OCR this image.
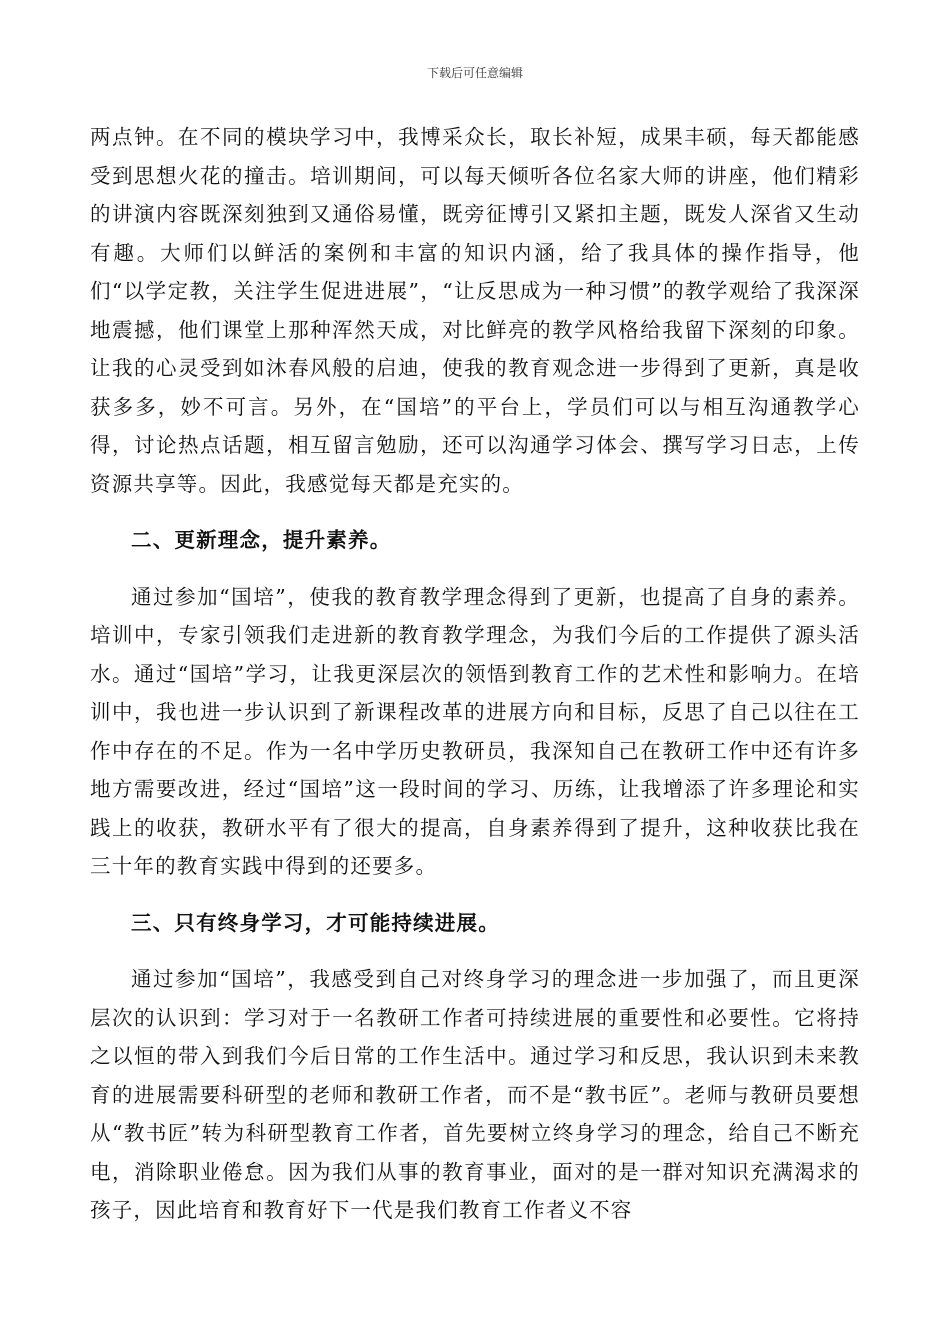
下载后可任意编辑

两点钟。在不同的模块学习中，我博采众长，取长补短，成果丰硕，每天都能感受到思想火花的撞击。培训期间，可以每天倾听各位名家大师的讲座，他们精彩的讲演内容既深刻独到又通俗易懂，既旁征博引又紧扣主题，既发人深省又生动有趣。大师们以鲜活的案例和丰富的知识内涵，给了我具体的操作指导，他们“以学定教，关注学生促进进展”，“让反思成为一种习惯”的教学观给了我深深地震撼，他们课堂上那种浑然天成，对比鲜亮的教学风格给我留下深刻的印象。让我的心灵受到如沐春风般的启迪，使我的教育观念进一步得到了更新，真是收获多多，妙不可言。另外，在“国培”的平台上，学员们可以与相互沟通教学心得，讨论热点话题，相互留言勉励，还可以沟通学习体会、撰写学习日志，上传资源共享等。因此，我感觉每天都是充实的。

二、更新理念，提升素养。

通过参加“国培”，使我的教育教学理念得到了更新，也提高了自身的素养。培训中，专家引领我们走进新的教育教学理念，为我们今后的工作提供了源头活水。通过“国培”学习，让我更深层次的领悟到教育工作的艺术性和影响力。在培训中，我也进一步认识到了新课程改革的进展方向和目标，反思了自己以往在工作中存在的不足。作为一名中学历史教研员，我深知自己在教研工作中还有许多地方需要改进，经过“国培”这一段时间的学习、历练，让我增添了许多理论和实践上的收获，教研水平有了很大的提高，自身素养得到了提升，这种收获比我在三十年的教育实践中得到的还要多。

三、只有终身学习，才可能持续进展。

通过参加“国培”，我感受到自己对终身学习的理念进一步加强了，而且更深层次的认识到：学习对于一名教研工作者可持续进展的重要性和必要性。它将持之以恒的带入到我们今后日常的工作生活中。通过学习和反思，我认识到未来教育的进展需要科研型的老师和教研工作者，而不是“教书匠”。老师与教研员要想从“教书匠”转为科研型教育工作者，首先要树立终身学习的理念，给自己不断充电，消除职业倦怠。因为我们从事的教育事业，面对的是一群对知识充满渴求的孩子，因此培育和教育好下一代是我们教育工作者义不容
